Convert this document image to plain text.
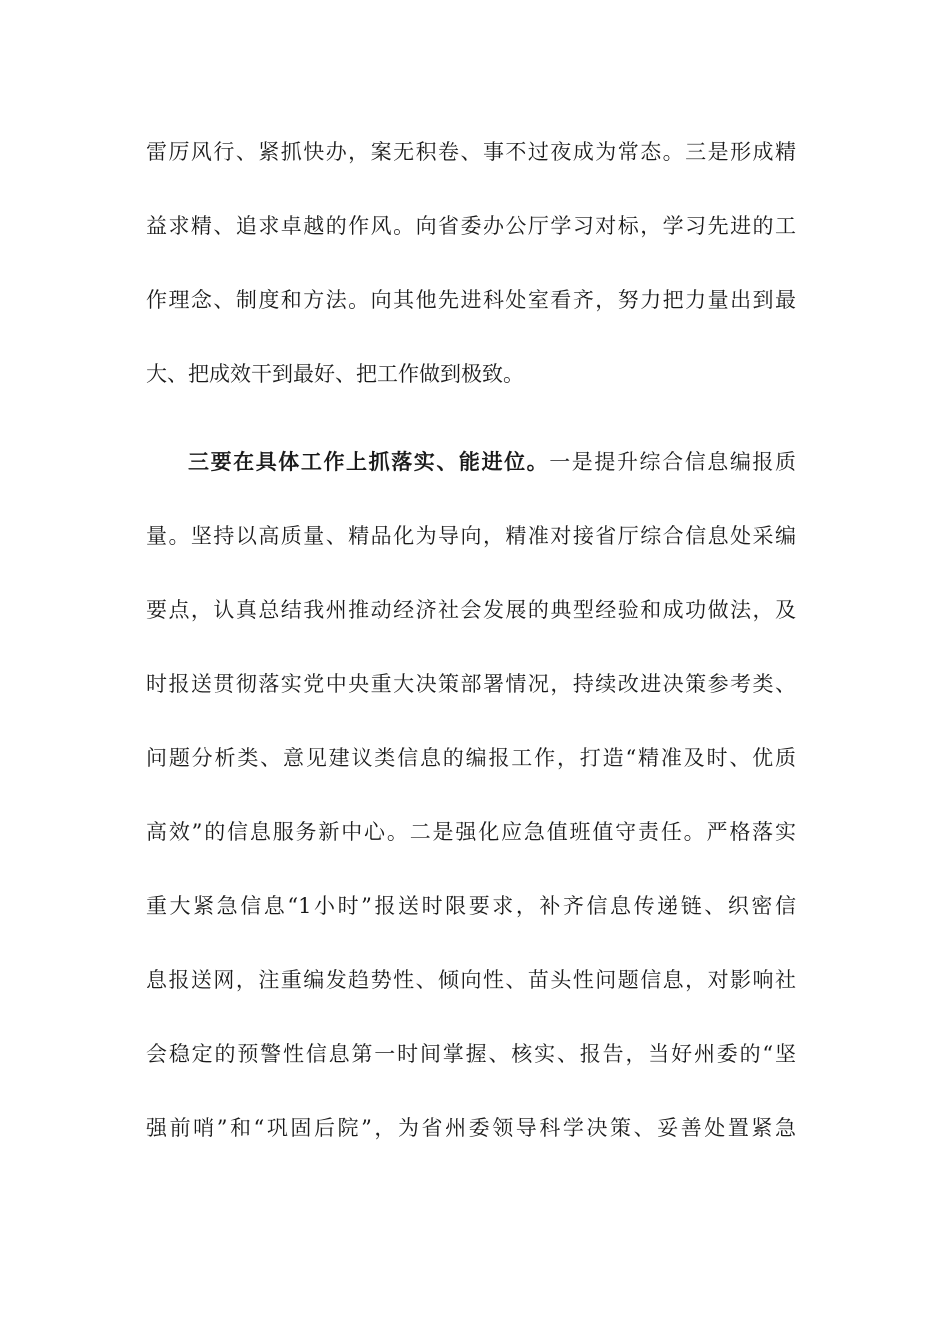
雷厉风行、紧抓快办，案无积卷、事不过夜成为常态。三是形成精
益求精、追求卓越的作风。向省委办公厅学习对标，学习先进的工
作理念、制度和方法。向其他先进科处室看齐，努力把力量出到最
大、把成效干到最好、把工作做到极致。
三要在具体工作上抓落实、能进位。一是提升综合信息编报质
量。坚持以高质量、精品化为导向，精准对接省厅综合信息处采编
要点，认真总结我州推动经济社会发展的典型经验和成功做法，及
时报送贯彻落实党中央重大决策部署情况，持续改进决策参考类、
问题分析类、意见建议类信息的编报工作，打造“精准及时、优质
高效”的信息服务新中心。二是强化应急值班值守责任。严格落实
重大紧急信息“1小时”报送时限要求，补齐信息传递链、织密信
息报送网，注重编发趋势性、倾向性、苗头性问题信息，对影响社
会稳定的预警性信息第一时间掌握、核实、报告，当好州委的“坚
强前哨”和“巩固后院”，为省州委领导科学决策、妥善处置紧急
